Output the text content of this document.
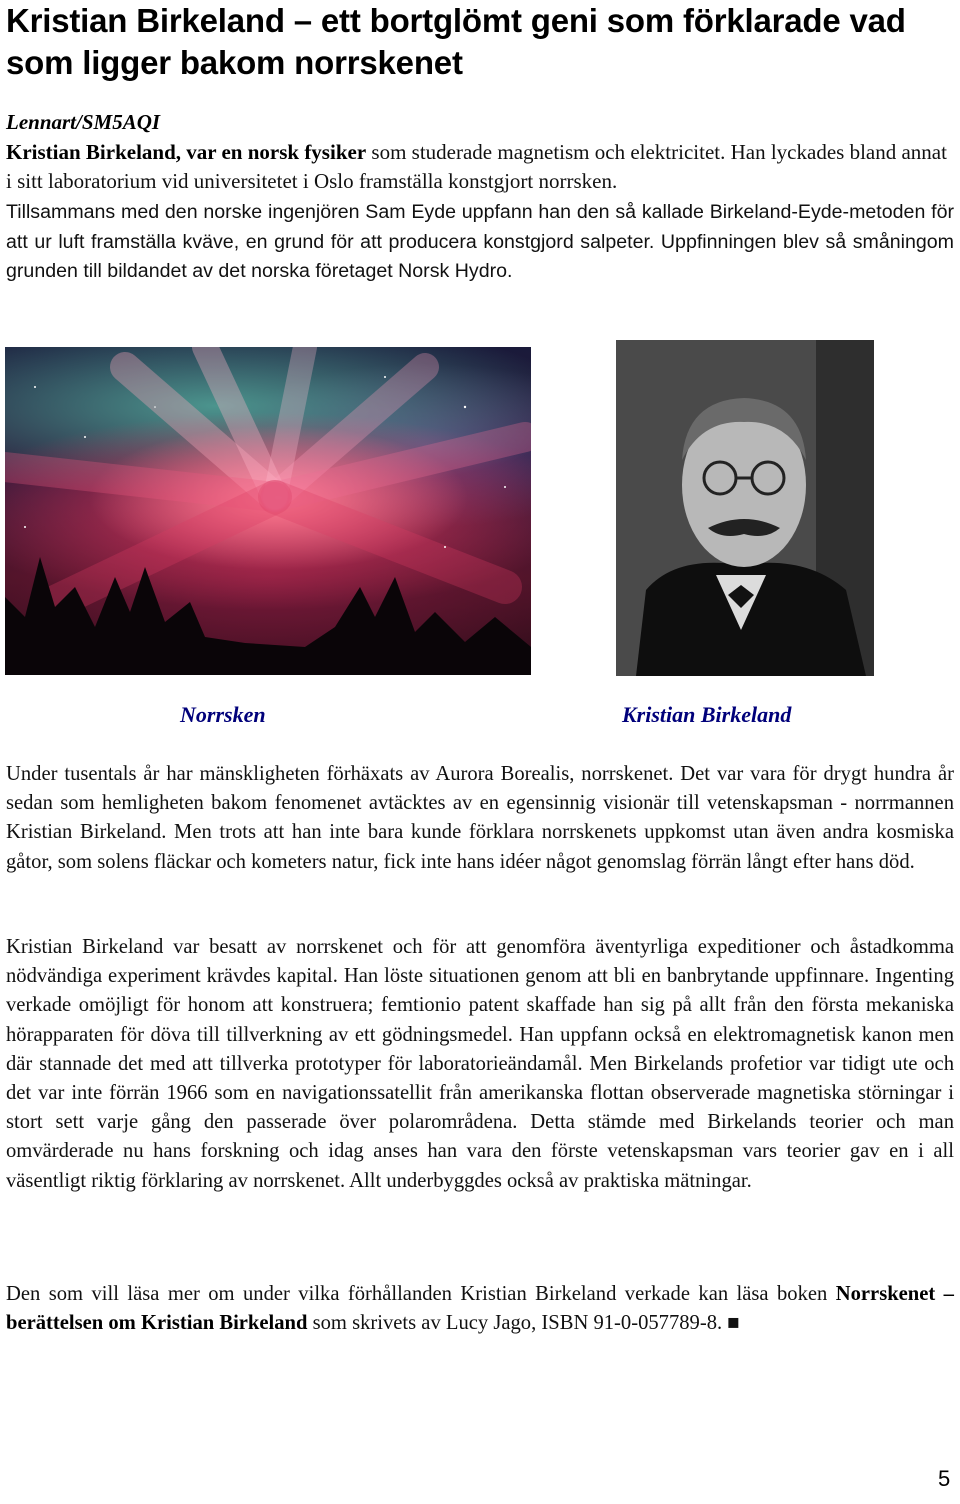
Kristian Birkeland – ett bortglömt geni som förklarade vad som ligger bakom norrskenet

Lennart/SM5AQI

Kristian Birkeland, var en norsk fysiker som studerade magnetism och elektricitet. Han lyckades bland annat i sitt laboratorium vid universitetet i Oslo framställa konstgjort norrsken.

Tillsammans med den norske ingenjören Sam Eyde uppfann han den så kallade Birkeland-Eyde-metoden för att ur luft framställa kväve, en grund för att producera konstgjord salpeter. Uppfinningen blev så småningom grunden till bildandet av det norska företaget Norsk Hydro.

Norrsken	Kristian Birkeland

Under tusentals år har mänskligheten förhäxats av Aurora Borealis, norrskenet. Det var vara för drygt hundra år sedan som hemligheten bakom fenomenet avtäcktes av en egensinnig visionär till vetenskapsman - norrmannen Kristian Birkeland. Men trots att han inte bara kunde förklara norrskenets uppkomst utan även andra kosmiska gåtor, som solens fläckar och kometers natur, fick inte hans idéer något genomslag förrän långt efter hans död.

Kristian Birkeland var besatt av norrskenet och för att genomföra äventyrliga expeditioner och åstadkomma nödvändiga experiment krävdes kapital. Han löste situationen genom att bli en banbrytande uppfinnare. Ingenting verkade omöjligt för honom att konstruera; femtionio patent skaffade han sig på allt från den första mekaniska hörapparaten för döva till tillverkning av ett gödningsmedel. Han uppfann också en elektromagnetisk kanon men där stannade det med att tillverka prototyper för laboratorieändamål. Men Birkelands profetior var tidigt ute och det var inte förrän 1966 som en navigationssatellit från amerikanska flottan observerade magnetiska störningar i stort sett varje gång den passerade över polarområdena. Detta stämde med Birkelands teorier och man omvärderade nu hans forskning och idag anses han vara den förste vetenskapsman vars teorier gav en i all väsentligt riktig förklaring av norrskenet. Allt underbyggdes också av praktiska mätningar.

Den som vill läsa mer om under vilka förhållanden Kristian Birkeland verkade kan läsa boken Norrskenet – berättelsen om Kristian Birkeland som skrivets av Lucy Jago, ISBN 91-0-057789-8. ■

5
